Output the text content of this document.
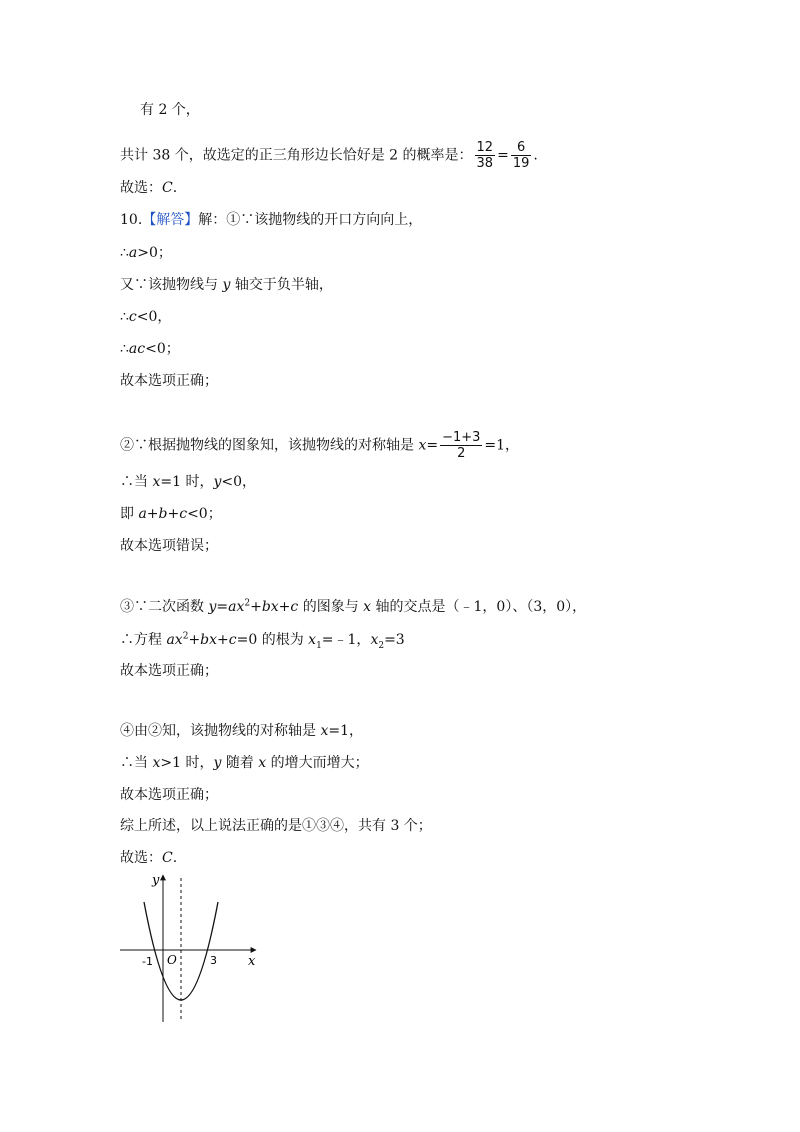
有 2 个，
共计 38 个，故选定的正三角形边长恰好是 2 的概率是： $\frac{12}{38} = \frac{6}{19}$ .
故选：C.
10.【解答】解：①∵该抛物线的开口方向向上，
∴a>0；
又∵该抛物线与 y 轴交于负半轴，
∴c<0，
∴ac<0；
故本选项正确；
②∵根据抛物线的图象知，该抛物线的对称轴是 $x= \frac{-1+3}{2} =1$，
∴当 x=1 时，y<0，
即 a+b+c<0；
故本选项错误；
③∵二次函数 $y=ax^2+bx+c$ 的图象与 x 轴的交点是（﹣1，0）、（3，0），
∴方程 $ax^2+bx+c=0$ 的根为 $x_1=﹣1$，$x_2=3$
故本选项正确；
④由②知，该抛物线的对称轴是 x=1，
∴当 x>1 时，y 随着 x 的增大而增大；
故本选项正确；
综上所述，以上说法正确的是①③④，共有 3 个；
故选：C.
y
x
O
-1	3
